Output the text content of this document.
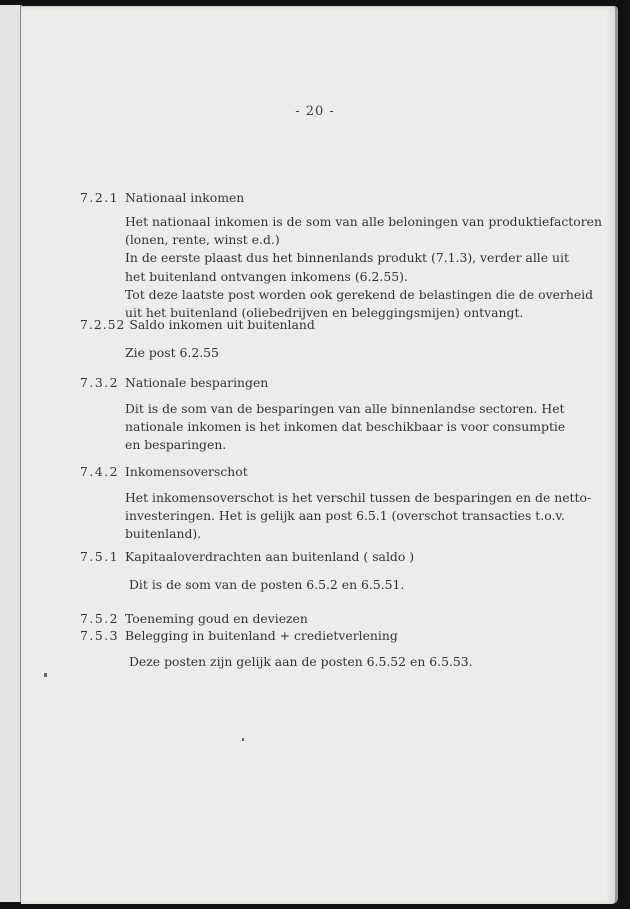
- 20 -
7.2.1 Nationaal inkomen
Het nationaal inkomen is de som van alle beloningen van produktiefactoren
(lonen, rente, winst e.d.)
In de eerste plaast dus het binnenlands produkt (7.1.3), verder alle uit
het buitenland ontvangen inkomens (6.2.55).
Tot deze laatste post worden ook gerekend de belastingen die de overheid
uit het buitenland (oliebedrijven en beleggingsmijen) ontvangt.
7.2.52 Saldo inkomen uit buitenland
Zie post 6.2.55
7.3.2 Nationale besparingen
Dit is de som van de besparingen van alle binnenlandse sectoren. Het
nationale inkomen is het inkomen dat beschikbaar is voor consumptie
en besparingen.
7.4.2 Inkomensoverschot
Het inkomensoverschot is het verschil tussen de besparingen en de netto-
investeringen. Het is gelijk aan post 6.5.1 (overschot transacties t.o.v.
buitenland).
7.5.1 Kapitaaloverdrachten aan buitenland ( saldo )
Dit is de som van de posten 6.5.2 en 6.5.51.
7.5.2 Toeneming goud en deviezen
7.5.3 Belegging in buitenland + credietverlening
Deze posten zijn gelijk aan de posten 6.5.52 en 6.5.53.
